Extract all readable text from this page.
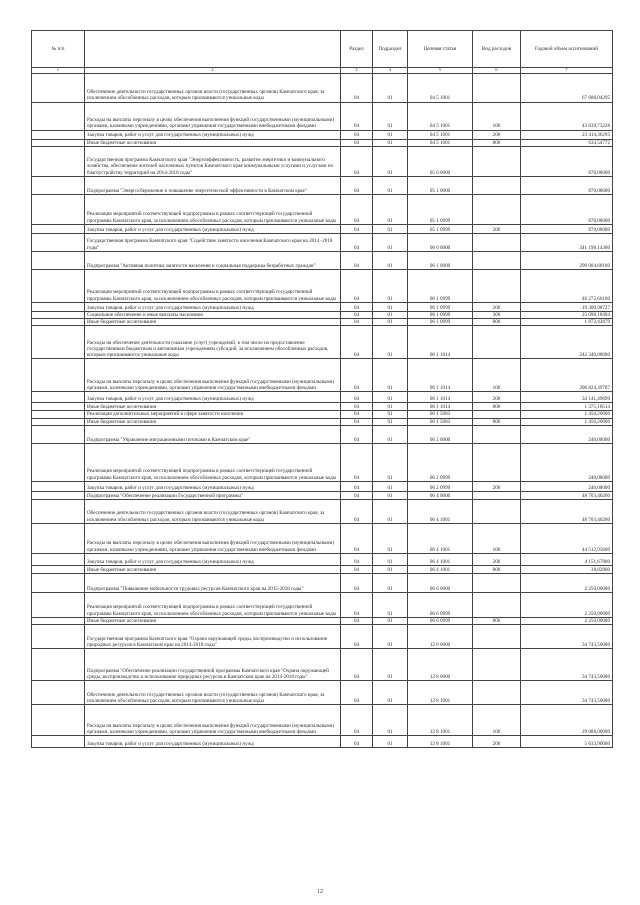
№ п/п		Раздел	Подраздел	Целевая статья	Вид расходов	Годовой объем ассигнований
1	2	3	4	5	6	7
	Обеспечение деятельности государственных органов власти (государственных органов) Камчатского края, за исключением обособленных расходов, которым присваиваются уникальные коды	04	01	04 5 1001		67 688,04295
	Расходы на выплаты персоналу в целях обеспечения выполнения функций государственными (муниципальными) органами, казенными учреждениями, органами управления государственными внебюджетными фондами	04	01	04 5 1001	100	43 639,73228
	Закупка товаров, работ и услуг для государственных (муниципальных) нужд	04	01	04 5 1001	200	23 414,36295
	Иные бюджетные ассигнования	04	01	04 5 1001	800	634,54772
	Государственная программа Камчатского края "Энергоэффективность, развитие энергетики и коммунального хозяйства, обеспечение жителей населенных пунктов Камчатского края коммунальными услугами и услугами по благоустройству территорий на 2014-2018 годы"	04	01	05 0 0000		870,00000
	Подпрограмма "Энергосбережение и повышение энергетической эффективности в Камчатском крае"	04	01	05 1 0000		870,00000
	Реализация мероприятий соответствующей подпрограммы в рамках соответствующей государственной программы Камчатского края, за исключением обособленных расходов, которым присваиваются уникальные коды	04	01	05 1 0999		870,00000
	Закупка товаров, работ и услуг для государственных (муниципальных) нужд	04	01	05 1 0999	200	870,00000
	Государственная программа Камчатского края "Содействие занятости населения Камчатского края на 2014 -2018 годы"	04	01	06 0 0000		341 198,14300
	Подпрограмма "Активная политика занятости населения и социальная поддержка безработных граждан"	04	01	06 1 0000		290 004,68100
	Реализация мероприятий соответствующей подпрограммы в рамках соответствующей государственной программы Камчатского края, за исключением обособленных расходов, которым присваиваются уникальные коды	04	01	06 1 0999		46 272,60100
	Закупка товаров, работ и услуг для государственных (муниципальных) нужд	04	01	06 1 0999	200	19 300,98727
	Социальное обеспечение и иные выплаты населению	04	01	06 1 0999	300	25 098,18494
	Иные бюджетные ассигнования	04	01	06 1 0999	800	1 872,42879
	Расходы на обеспечение деятельности (оказание услуг) учреждений, в том числе на предоставление государственным бюджетным и автономным учреждениям субсидий, за исключением обособленных расходов, которым присваиваются уникальные коды	04	01	06 1 1014		242 340,88000
	Расходы на выплаты персоналу в целях обеспечения выполнения функций государственными (муниципальными) органами, казенными учреждениями, органами управления государственными внебюджетными фондами	04	01	06 1 1014	100	206 824,39787
	Закупка товаров, работ и услуг для государственных (муниципальных) нужд	04	01	06 1 1014	200	34 141,49699
	Иные бюджетные ассигнования	04	01	06 1 1014	800	1 375,18514
	Реализация дополнительных мероприятий в сфере занятости населения	04	01	06 1 5083		1 450,20000
	Иные бюджетные ассигнования	04	01	06 1 5083	800	1 450,20000
	Подпрограмма "Управление миграционными потоками в Камчатском крае"	04	01	06 2 0000		240,00000
	Реализация мероприятий соответствующей подпрограммы в рамках соответствующей государственной программы Камчатского края, за исключением обособленных расходов, которым присваиваются уникальные коды	04	01	06 2 0999		240,00000
	Закупка товаров, работ и услуг для государственных (муниципальных) нужд	04	01	06 2 0999	200	240,00000
	Подпрограмма "Обеспечение реализации Государственной программы"	04	01	06 4 0000		48 703,46200
	Обеспечение деятельности государственных органов власти (государственных органов) Камчатского края, за исключением обособленных расходов, которым присваиваются уникальные коды	04	01	06 4 1001		48 703,46200
	Расходы на выплаты персоналу в целях обеспечения выполнения функций государственными (муниципальными) органами, казенными учреждениями, органами управления государственными внебюджетными фондами	04	01	06 4 1001	100	44 512,95600
	Закупка товаров, работ и услуг для государственных (муниципальных) нужд	04	01	06 4 1001	200	4 151,67800
	Иные бюджетные ассигнования	04	01	06 4 1001	800	38,82800
	Подпрограмма "Повышение мобильности трудовых ресурсов Камчатского края на 2015-2018 годы"	04	01	06 6 0000		2 250,00000
	Реализация мероприятий соответствующей подпрограммы в рамках соответствующей государственной программы Камчатского края, за исключением обособленных расходов, которым присваиваются уникальные коды	04	01	06 6 0999		2 250,00000
	Иные бюджетные ассигнования	04	01	06 6 0999	800	2 250,00000
	Государственная программа Камчатского края "Охрана окружающей среды, воспроизводство и использование природных ресурсов в Камчатском крае на 2014-2018 годы"	04	01	12 0 0000		34 743,50000
	Подпрограмма "Обеспечение реализации государственной программы Камчатского края "Охрана окружающей среды, воспроизводство и использование природных ресурсов в Камчатском крае на 2014-2018 годы"	04	01	12 8 0000		34 743,50000
	Обеспечение деятельности государственных органов власти (государственных органов) Камчатского края, за исключением обособленных расходов, которым присваиваются уникальные коды	04	01	12 8 1001		34 743,50000
	Расходы на выплаты персоналу в целях обеспечения выполнения функций государственными (муниципальными) органами, казенными учреждениями, органами управления государственными внебюджетными фондами	04	01	12 8 1001	100	29 088,00000
	Закупка товаров, работ и услуг для государственных (муниципальных) нужд	04	01	12 8 1001	200	5 633,90000
12
